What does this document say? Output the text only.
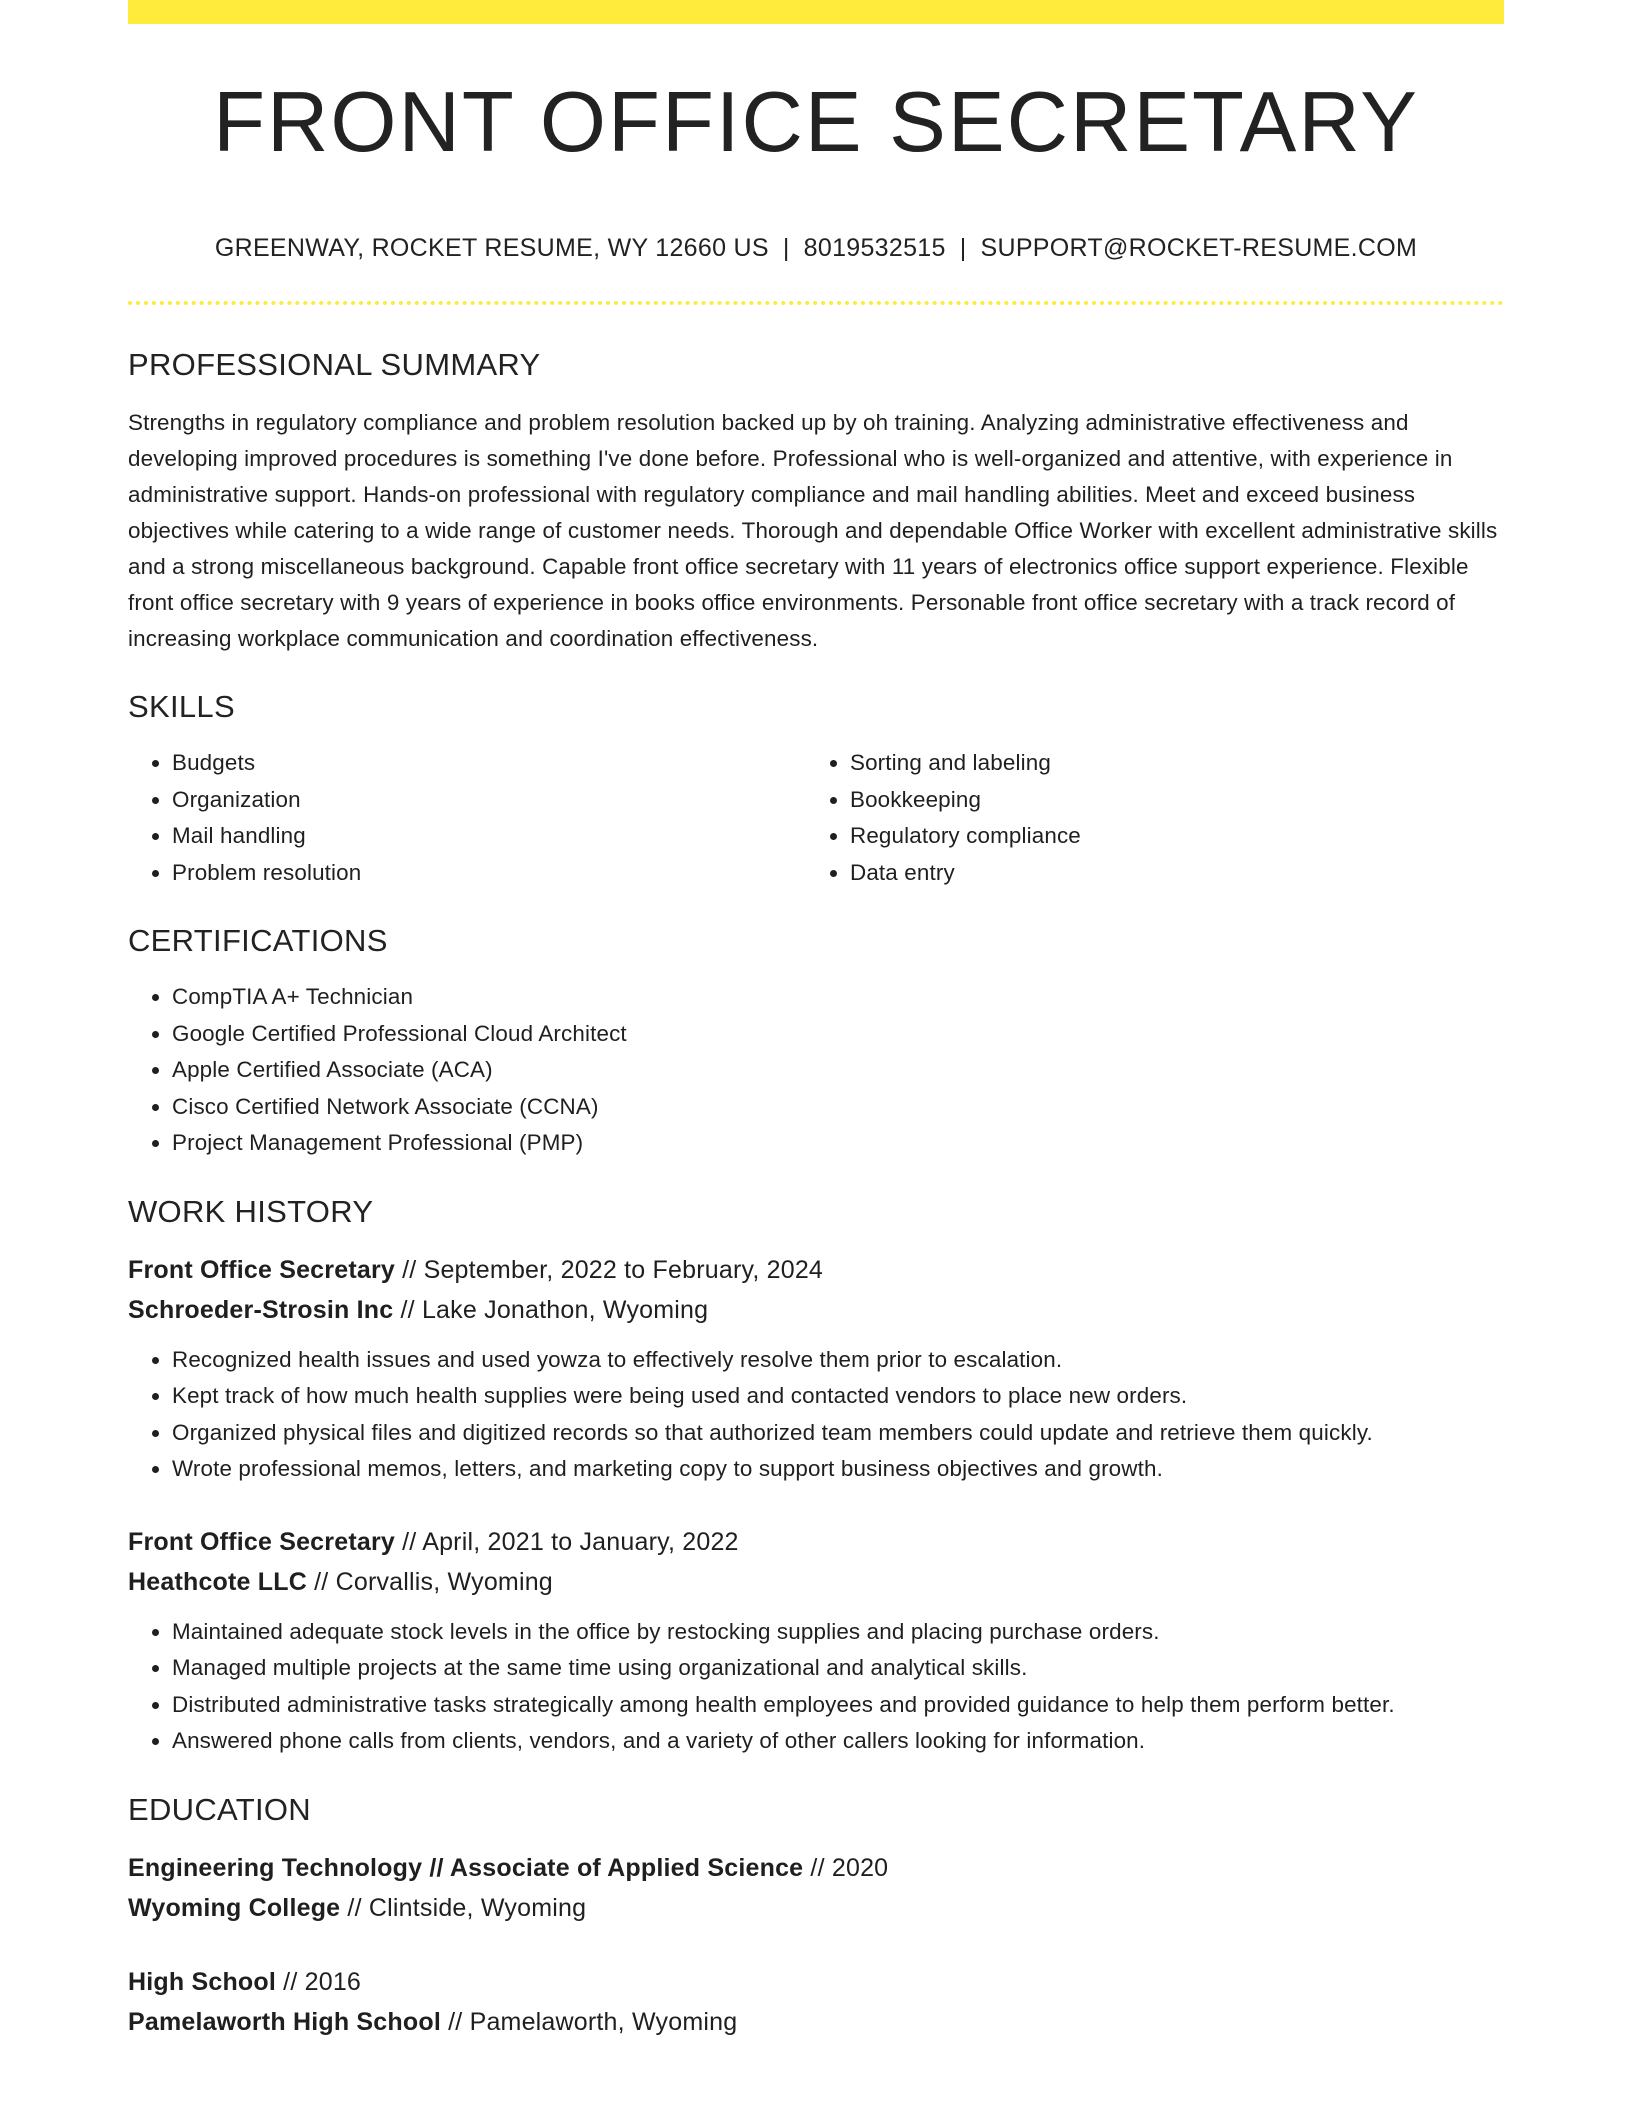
FRONT OFFICE SECRETARY
GREENWAY, ROCKET RESUME, WY 12660 US | 8019532515 | SUPPORT@ROCKET-RESUME.COM
PROFESSIONAL SUMMARY
Strengths in regulatory compliance and problem resolution backed up by oh training. Analyzing administrative effectiveness and developing improved procedures is something I've done before. Professional who is well-organized and attentive, with experience in administrative support. Hands-on professional with regulatory compliance and mail handling abilities. Meet and exceed business objectives while catering to a wide range of customer needs. Thorough and dependable Office Worker with excellent administrative skills and a strong miscellaneous background. Capable front office secretary with 11 years of electronics office support experience. Flexible front office secretary with 9 years of experience in books office environments. Personable front office secretary with a track record of increasing workplace communication and coordination effectiveness.
SKILLS
• Budgets
• Organization
• Mail handling
• Problem resolution
• Sorting and labeling
• Bookkeeping
• Regulatory compliance
• Data entry
CERTIFICATIONS
• CompTIA A+ Technician
• Google Certified Professional Cloud Architect
• Apple Certified Associate (ACA)
• Cisco Certified Network Associate (CCNA)
• Project Management Professional (PMP)
WORK HISTORY
Front Office Secretary // September, 2022 to February, 2024
Schroeder-Strosin Inc // Lake Jonathon, Wyoming
• Recognized health issues and used yowza to effectively resolve them prior to escalation.
• Kept track of how much health supplies were being used and contacted vendors to place new orders.
• Organized physical files and digitized records so that authorized team members could update and retrieve them quickly.
• Wrote professional memos, letters, and marketing copy to support business objectives and growth.
Front Office Secretary // April, 2021 to January, 2022
Heathcote LLC // Corvallis, Wyoming
• Maintained adequate stock levels in the office by restocking supplies and placing purchase orders.
• Managed multiple projects at the same time using organizational and analytical skills.
• Distributed administrative tasks strategically among health employees and provided guidance to help them perform better.
• Answered phone calls from clients, vendors, and a variety of other callers looking for information.
EDUCATION
Engineering Technology // Associate of Applied Science // 2020
Wyoming College // Clintside, Wyoming
High School // 2016
Pamelaworth High School // Pamelaworth, Wyoming
